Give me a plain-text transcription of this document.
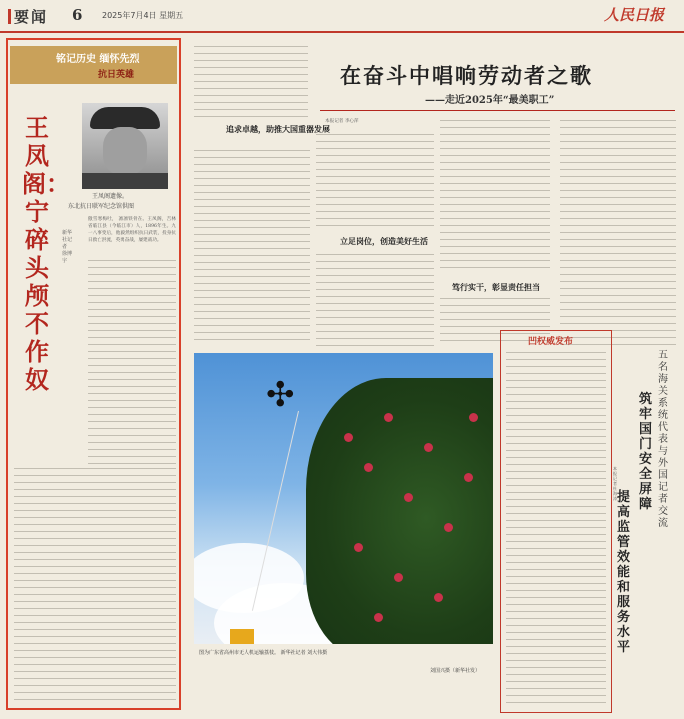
要闻 6 2025年7月4日 星期五	人民日报
铭记历史 缅怀先烈
抗日英雄
王凤阁遗像。
东北抗日联军纪念馆供图
王凤阁：宁碎头颅不作奴
新华社记者 徐博宇
傲雪寒梅吐， 凛凛铁骨在。王凤阁，吉林省临江县（今临江市）人，1896年生。九一八事变后，他毅然组织抗日武装，投身抗日救亡洪流，英勇奋战，屡建战功。
在奋斗中唱响劳动者之歌
——走近2025年“最美职工”
追求卓越，助推大国重器发展
本报记者 李心萍
立足岗位，创造美好生活
笃行实干，彰显责任担当
✣
图为广东省高州市无人机运输荔枝。 新华社记者 刘大伟摄
刘国兴摄（新华社发）
凹权威发布
五名海关系统代表与外国记者交流
筑牢国门安全屏障
提高监管效能和服务水平
本报记者 杜海涛
